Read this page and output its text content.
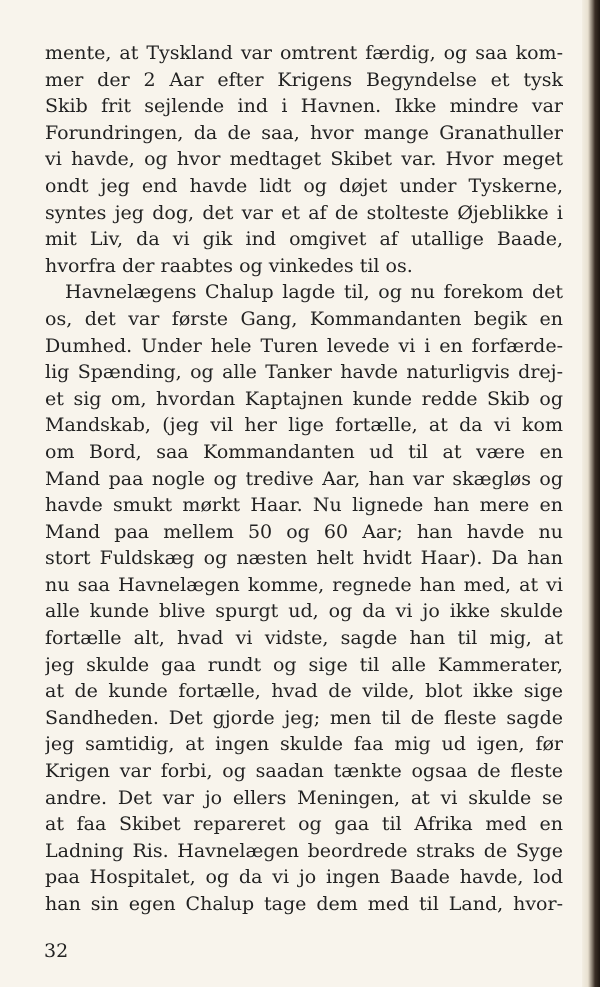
mente, at Tyskland var omtrent færdig, og saa kom-
mer der 2 Aar efter Krigens Begyndelse et tysk
Skib frit sejlende ind i Havnen. Ikke mindre var
Forundringen, da de saa, hvor mange Granathuller
vi havde, og hvor medtaget Skibet var. Hvor meget
ondt jeg end havde lidt og døjet under Tyskerne,
syntes jeg dog, det var et af de stolteste Øjeblikke i
mit Liv, da vi gik ind omgivet af utallige Baade,
hvorfra der raabtes og vinkedes til os.
Havnelægens Chalup lagde til, og nu forekom det
os, det var første Gang, Kommandanten begik en
Dumhed. Under hele Turen levede vi i en forfærde-
lig Spænding, og alle Tanker havde naturligvis drej-
et sig om, hvordan Kaptajnen kunde redde Skib og
Mandskab, (jeg vil her lige fortælle, at da vi kom
om Bord, saa Kommandanten ud til at være en
Mand paa nogle og tredive Aar, han var skægløs og
havde smukt mørkt Haar. Nu lignede han mere en
Mand paa mellem 50 og 60 Aar; han havde nu
stort Fuldskæg og næsten helt hvidt Haar). Da han
nu saa Havnelægen komme, regnede han med, at vi
alle kunde blive spurgt ud, og da vi jo ikke skulde
fortælle alt, hvad vi vidste, sagde han til mig, at
jeg skulde gaa rundt og sige til alle Kammerater,
at de kunde fortælle, hvad de vilde, blot ikke sige
Sandheden. Det gjorde jeg; men til de fleste sagde
jeg samtidig, at ingen skulde faa mig ud igen, før
Krigen var forbi, og saadan tænkte ogsaa de fleste
andre. Det var jo ellers Meningen, at vi skulde se
at faa Skibet repareret og gaa til Afrika med en
Ladning Ris. Havnelægen beordrede straks de Syge
paa Hospitalet, og da vi jo ingen Baade havde, lod
han sin egen Chalup tage dem med til Land, hvor-
32
